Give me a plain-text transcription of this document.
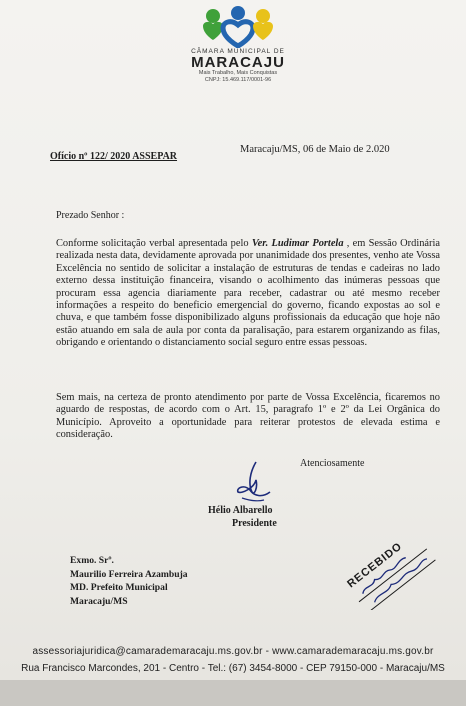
CÂMARA MUNICIPAL DE
MARACAJU
Mais Trabalho, Mais Conquistas
CNPJ: 15.469.117/0001-96
Ofício nº 122/ 2020 ASSEPAR
Maracaju/MS, 06 de Maio de 2.020
Prezado Senhor :
Conforme solicitação verbal apresentada pelo Ver. Ludimar Portela , em Sessão Ordinária realizada nesta data, devidamente aprovada por unanimidade dos presentes, venho ate Vossa Excelência no sentido de solicitar a instalação de estruturas de tendas e cadeiras no lado externo dessa instituição financeira, visando o acolhimento das inúmeras pessoas que procuram essa agencia diariamente para receber, cadastrar ou até mesmo receber informações a respeito do beneficio emergencial do governo, ficando expostas ao sol e chuva, e que também fosse disponibilizado alguns profissionais da educação que hoje não estão atuando em sala de aula por conta da paralisação, para estarem organizando as filas, obrigando e orientando o distanciamento social seguro entre essas pessoas.
Sem mais, na certeza de pronto atendimento por parte de Vossa Excelência, ficaremos no aguardo de respostas, de acordo com o Art. 15, paragrafo 1º e 2º da Lei Orgânica do Município. Aproveito a oportunidade para reiterar protestos de elevada estima e consideração.
Atenciosamente
Hélio Albarello
Presidente
Exmo. Srº.
Maurilio Ferreira Azambuja
MD. Prefeito Municipal
Maracaju/MS
RECEBIDO
assessoriajuridica@camarademaracaju.ms.gov.br - www.camarademaracaju.ms.gov.br
Rua Francisco Marcondes, 201 - Centro - Tel.: (67) 3454-8000 - CEP 79150-000 - Maracaju/MS
